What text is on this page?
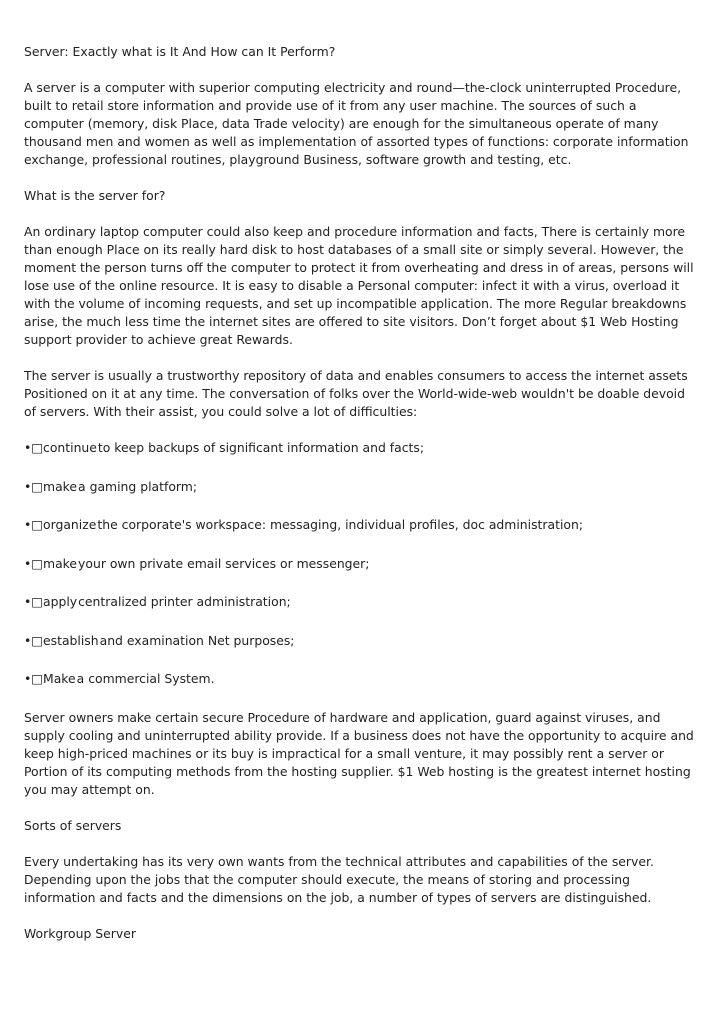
Server: Exactly what is It And How can It Perform?

A server is a computer with superior computing electricity and round—the-clock uninterrupted Procedure, built to retail store information and provide use of it from any user machine. The sources of such a computer (memory, disk Place, data Trade velocity) are enough for the simultaneous operate of many thousand men and women as well as implementation of assorted types of functions: corporate information exchange, professional routines, playground Business, software growth and testing, etc.

What is the server for?

An ordinary laptop computer could also keep and procedure information and facts, There is certainly more than enough Place on its really hard disk to host databases of a small site or simply several. However, the moment the person turns off the computer to protect it from overheating and dress in of areas, persons will lose use of the online resource. It is easy to disable a Personal computer: infect it with a virus, overload it with the volume of incoming requests, and set up incompatible application. The more Regular breakdowns arise, the much less time the internet sites are offered to site visitors. Don’t forget about $1 Web Hosting support provider to achieve great Rewards.

The server is usually a trustworthy repository of data and enables consumers to access the internet assets Positioned on it at any time. The conversation of folks over the World-wide-web wouldn't be doable devoid of servers. With their assist, you could solve a lot of difficulties:

•□continueto keep backups of significant information and facts;

•□makea gaming platform;

•□organizethe corporate's workspace: messaging, individual profiles, doc administration;

•□makeyour own private email services or messenger;

•□applycentralized printer administration;

•□establishand examination Net purposes;

•□Makea commercial System.

Server owners make certain secure Procedure of hardware and application, guard against viruses, and supply cooling and uninterrupted ability provide. If a business does not have the opportunity to acquire and keep high-priced machines or its buy is impractical for a small venture, it may possibly rent a server or Portion of its computing methods from the hosting supplier. $1 Web hosting is the greatest internet hosting you may attempt on.

Sorts of servers

Every undertaking has its very own wants from the technical attributes and capabilities of the server. Depending upon the jobs that the computer should execute, the means of storing and processing information and facts and the dimensions on the job, a number of types of servers are distinguished.

Workgroup Server
